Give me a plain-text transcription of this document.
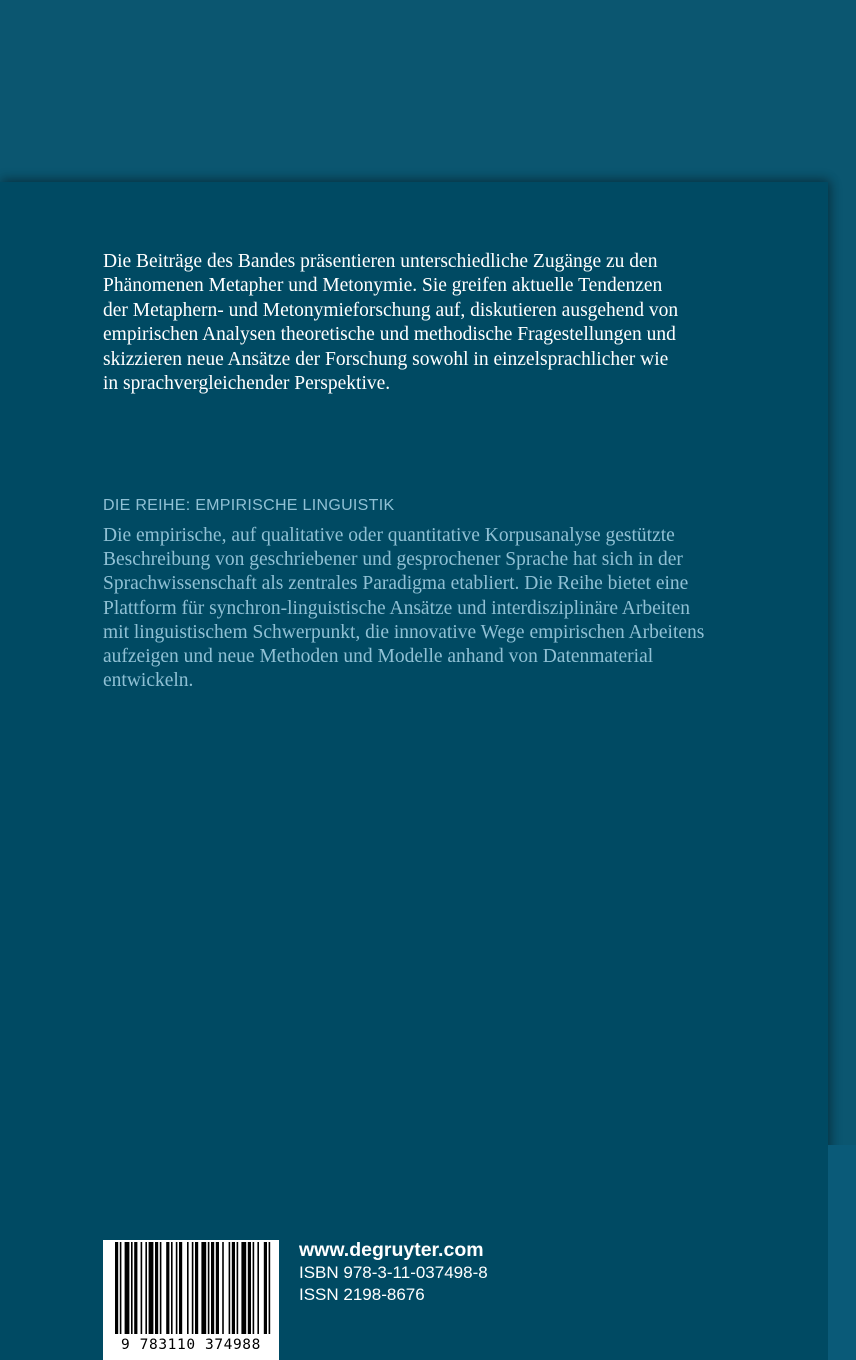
Die Beiträge des Bandes präsentieren unterschiedliche Zugänge zu den
Phänomenen Metapher und Metonymie. Sie greifen aktuelle Tendenzen
der Metaphern- und Metonymieforschung auf, diskutieren ausgehend von
empirischen Analysen theoretische und methodische Fragestellungen und
skizzieren neue Ansätze der Forschung sowohl in einzelsprachlicher wie
in sprachvergleichender Perspektive.

DIE REIHE: EMPIRISCHE LINGUISTIK

Die empirische, auf qualitative oder quantitative Korpusanalyse gestützte
Beschreibung von geschriebener und gesprochener Sprache hat sich in der
Sprachwissenschaft als zentrales Paradigma etabliert. Die Reihe bietet eine
Plattform für synchron-linguistische Ansätze und interdisziplinäre Arbeiten
mit linguistischem Schwerpunkt, die innovative Wege empirischen Arbeitens
aufzeigen und neue Methoden und Modelle anhand von Datenmaterial
entwickeln.

9 783110 374988

www.degruyter.com

ISBN 978-3-11-037498-8

ISSN 2198-8676
